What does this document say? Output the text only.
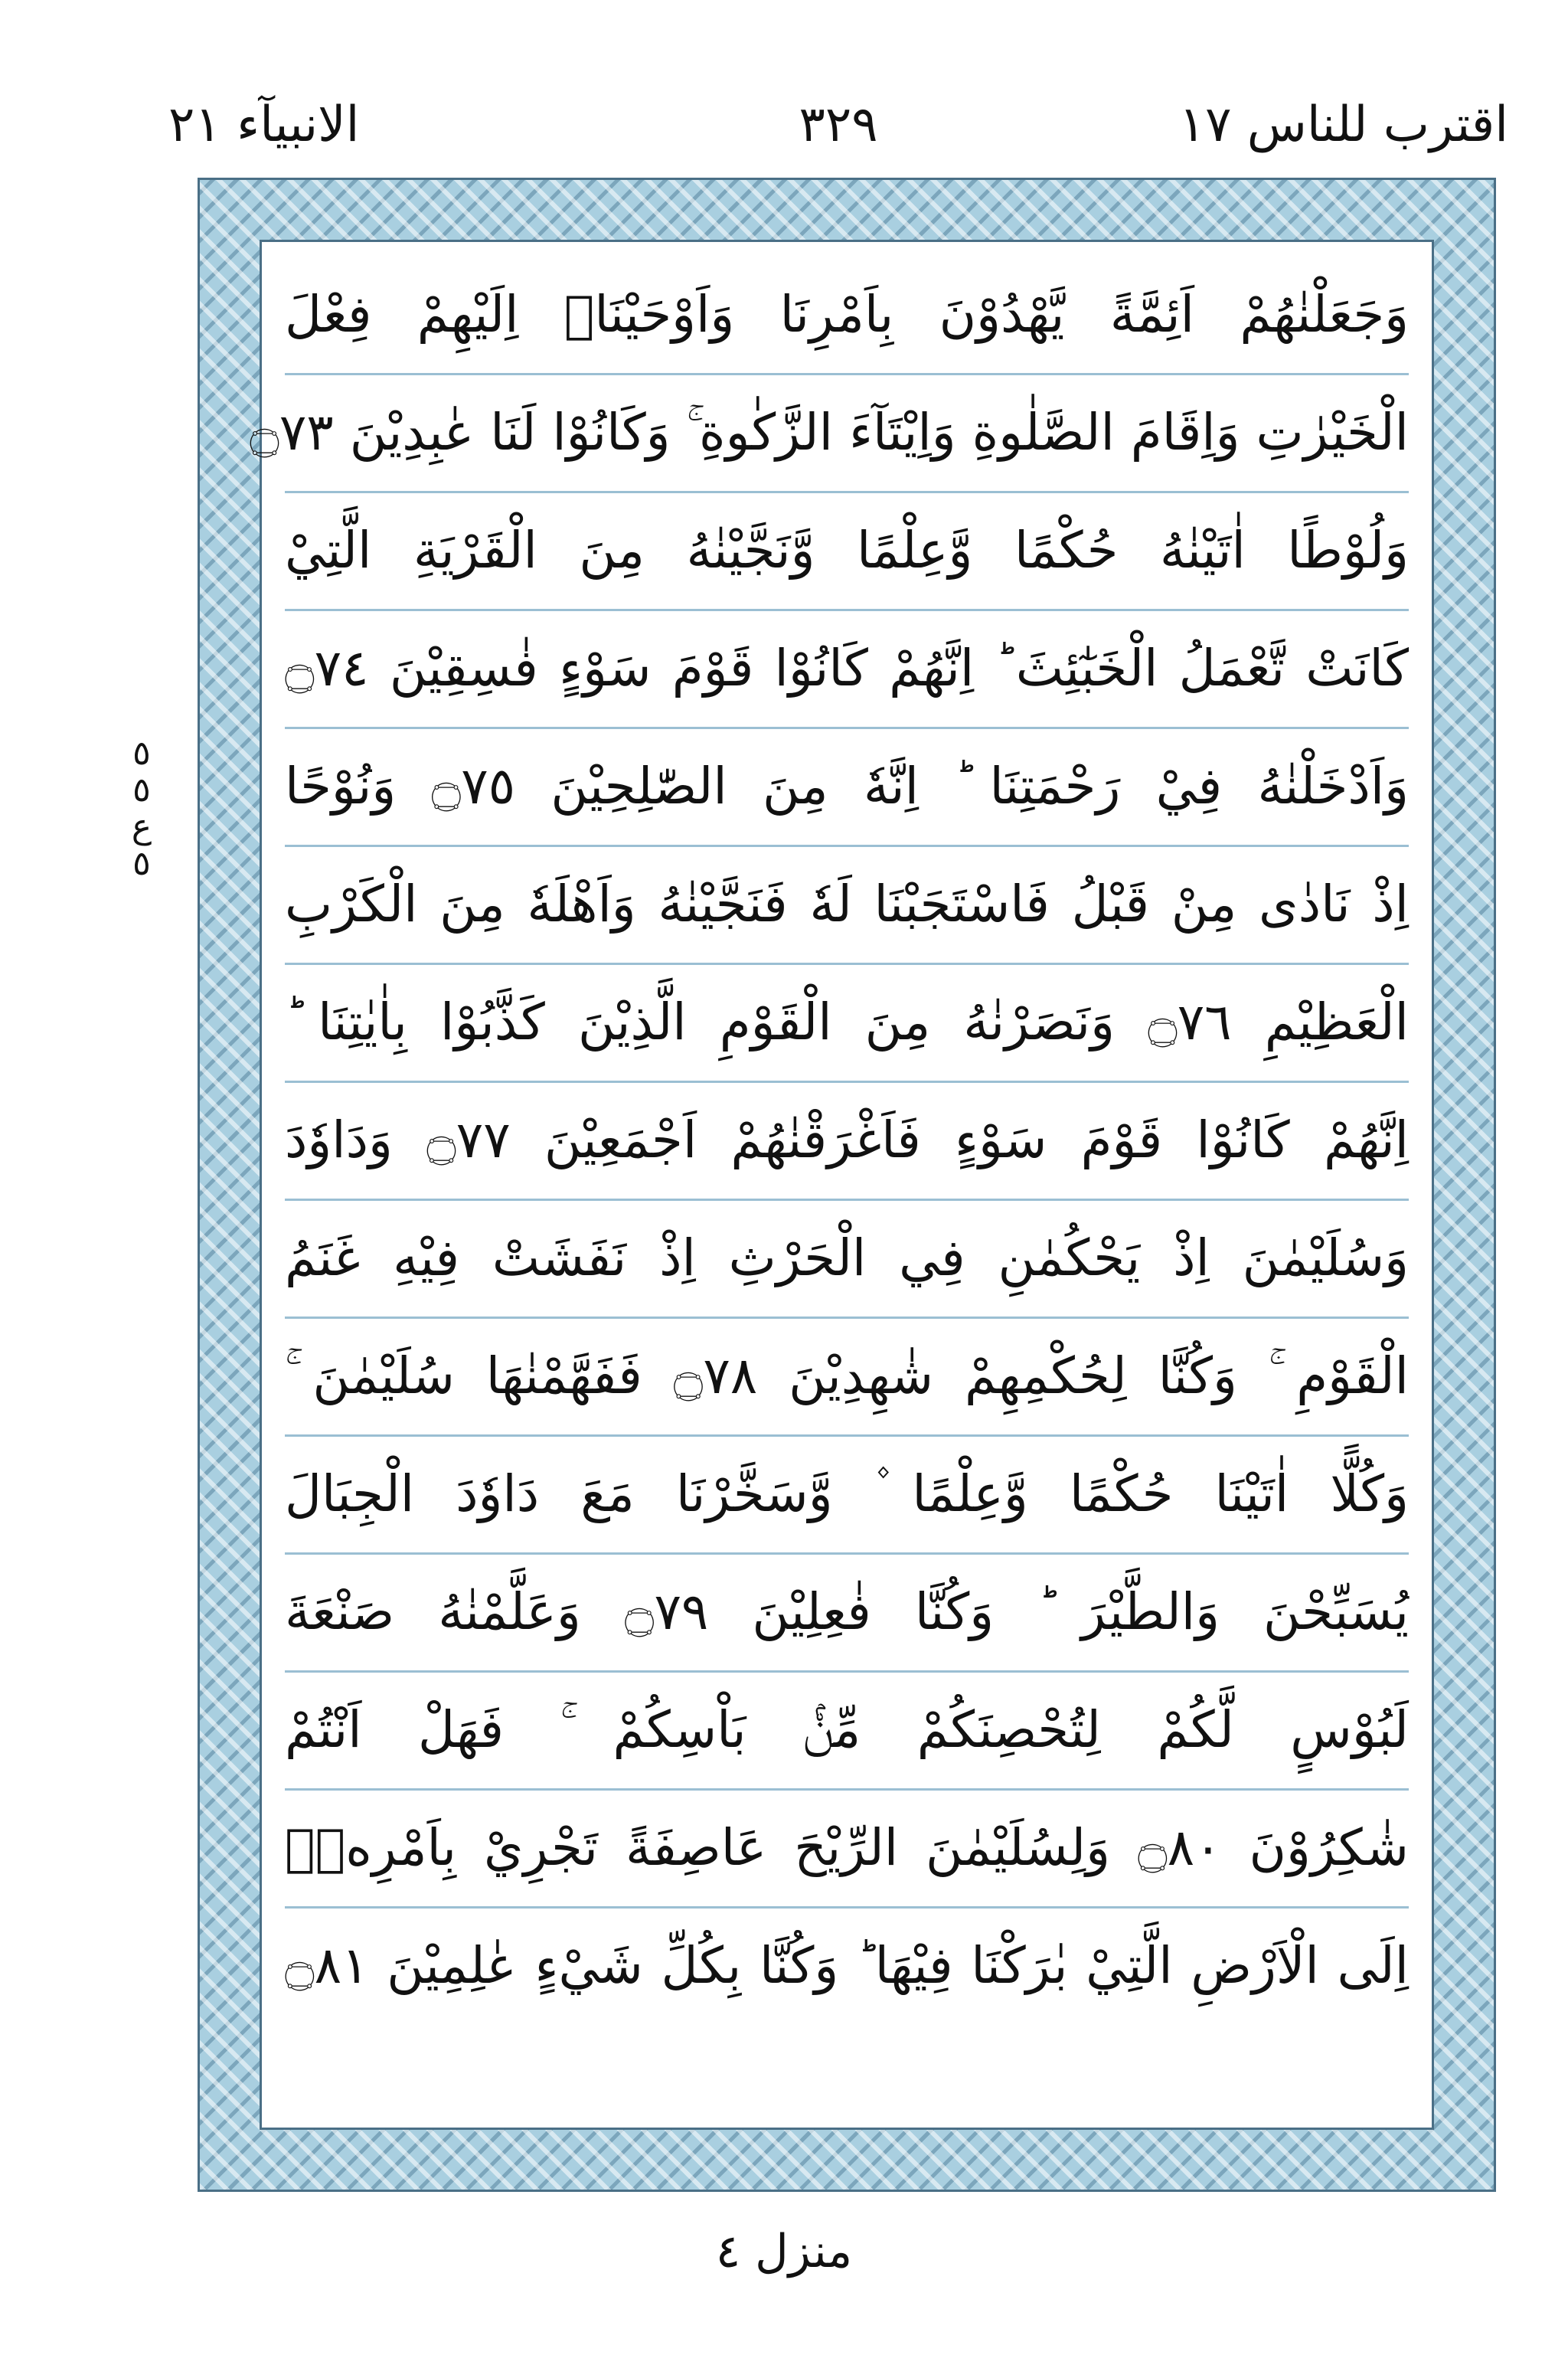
اقترب للناس ١٧
٣٢٩
الانبيآء ٢١
٥
٥
ع
٥
وَجَعَلْنٰهُمْ اَئِمَّةً يَّهْدُوْنَ بِاَمْرِنَا وَاَوْحَيْنَاۤ اِلَيْهِمْ فِعْلَ
الْخَيْرٰتِ وَاِقَامَ الصَّلٰوةِ وَاِيْتَآءَ الزَّكٰوةِ ۚ وَكَانُوْا لَنَا عٰبِدِيْنَ ۝٧٣
وَلُوْطًا اٰتَيْنٰهُ حُكْمًا وَّعِلْمًا وَّنَجَّيْنٰهُ مِنَ الْقَرْيَةِ الَّتِيْ
كَانَتْ تَّعْمَلُ الْخَبٰٓئِثَ ؕ اِنَّهُمْ كَانُوْا قَوْمَ سَوْءٍ فٰسِقِيْنَ ۝٧٤
وَاَدْخَلْنٰهُ فِيْ رَحْمَتِنَا ؕ اِنَّهٗ مِنَ الصّٰلِحِيْنَ ۝٧٥ وَنُوْحًا
اِذْ نَادٰى مِنْ قَبْلُ فَاسْتَجَبْنَا لَهٗ فَنَجَّيْنٰهُ وَاَهْلَهٗ مِنَ الْكَرْبِ
الْعَظِيْمِ ۝٧٦ وَنَصَرْنٰهُ مِنَ الْقَوْمِ الَّذِيْنَ كَذَّبُوْا بِاٰيٰتِنَا ؕ
اِنَّهُمْ كَانُوْا قَوْمَ سَوْءٍ فَاَغْرَقْنٰهُمْ اَجْمَعِيْنَ ۝٧٧ وَدَاوٗدَ
وَسُلَيْمٰنَ اِذْ يَحْكُمٰنِ فِي الْحَرْثِ اِذْ نَفَشَتْ فِيْهِ غَنَمُ
الْقَوْمِ ۚ وَكُنَّا لِحُكْمِهِمْ شٰهِدِيْنَ ۝٧٨ فَفَهَّمْنٰهَا سُلَيْمٰنَ ۚ
وَكُلًّا اٰتَيْنَا حُكْمًا وَّعِلْمًا ۫ وَّسَخَّرْنَا مَعَ دَاوٗدَ الْجِبَالَ
يُسَبِّحْنَ وَالطَّيْرَ ؕ وَكُنَّا فٰعِلِيْنَ ۝٧٩ وَعَلَّمْنٰهُ صَنْعَةَ
لَبُوْسٍ لَّكُمْ لِتُحْصِنَكُمْ مِّنْۢ بَاْسِكُمْ ۚ فَهَلْ اَنْتُمْ
شٰكِرُوْنَ ۝٨٠ وَلِسُلَيْمٰنَ الرِّيْحَ عَاصِفَةً تَجْرِيْ بِاَمْرِهٖۤ
اِلَى الْاَرْضِ الَّتِيْ بٰرَكْنَا فِيْهَا ؕ وَكُنَّا بِكُلِّ شَيْءٍ عٰلِمِيْنَ ۝٨١
منزل ٤
